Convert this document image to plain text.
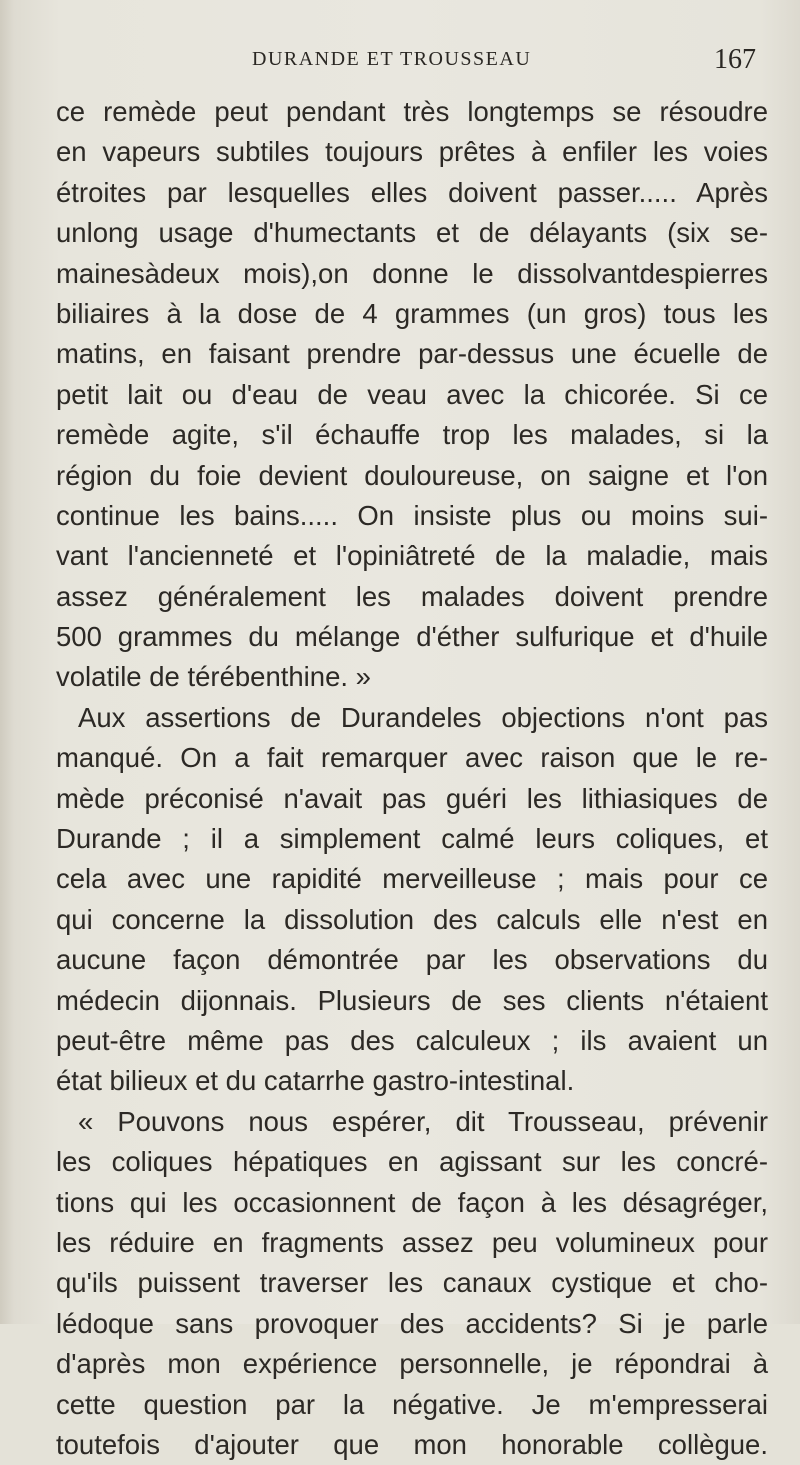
DURANDE ET TROUSSEAU	167
ce remède peut pendant très longtemps se résoudre
en vapeurs subtiles toujours prêtes à enfiler les voies
étroites par lesquelles elles doivent passer..... Après
unlong usage d'humectants et de délayants (six se-
mainesàdeux mois),on donne le dissolvantdespierres
biliaires à la dose de 4 grammes (un gros) tous les
matins, en faisant prendre par-dessus une écuelle de
petit lait ou d'eau de veau avec la chicorée. Si ce
remède agite, s'il échauffe trop les malades, si la
région du foie devient douloureuse, on saigne et l'on
continue les bains..... On insiste plus ou moins sui-
vant l'ancienneté et l'opiniâtreté de la maladie, mais
assez généralement les malades doivent prendre
500 grammes du mélange d'éther sulfurique et d'huile
volatile de térébenthine. »
Aux assertions de Durandeles objections n'ont pas
manqué. On a fait remarquer avec raison que le re-
mède préconisé n'avait pas guéri les lithiasiques de
Durande ; il a simplement calmé leurs coliques, et
cela avec une rapidité merveilleuse ; mais pour ce
qui concerne la dissolution des calculs elle n'est en
aucune façon démontrée par les observations du
médecin dijonnais. Plusieurs de ses clients n'étaient
peut-être même pas des calculeux ; ils avaient un
état bilieux et du catarrhe gastro-intestinal.
« Pouvons nous espérer, dit Trousseau, prévenir
les coliques hépatiques en agissant sur les concré-
tions qui les occasionnent de façon à les désagréger,
les réduire en fragments assez peu volumineux pour
qu'ils puissent traverser les canaux cystique et cho-
lédoque sans provoquer des accidents? Si je parle
d'après mon expérience personnelle, je répondrai à
cette question par la négative. Je m'empresserai
toutefois d'ajouter que mon honorable collègue.
